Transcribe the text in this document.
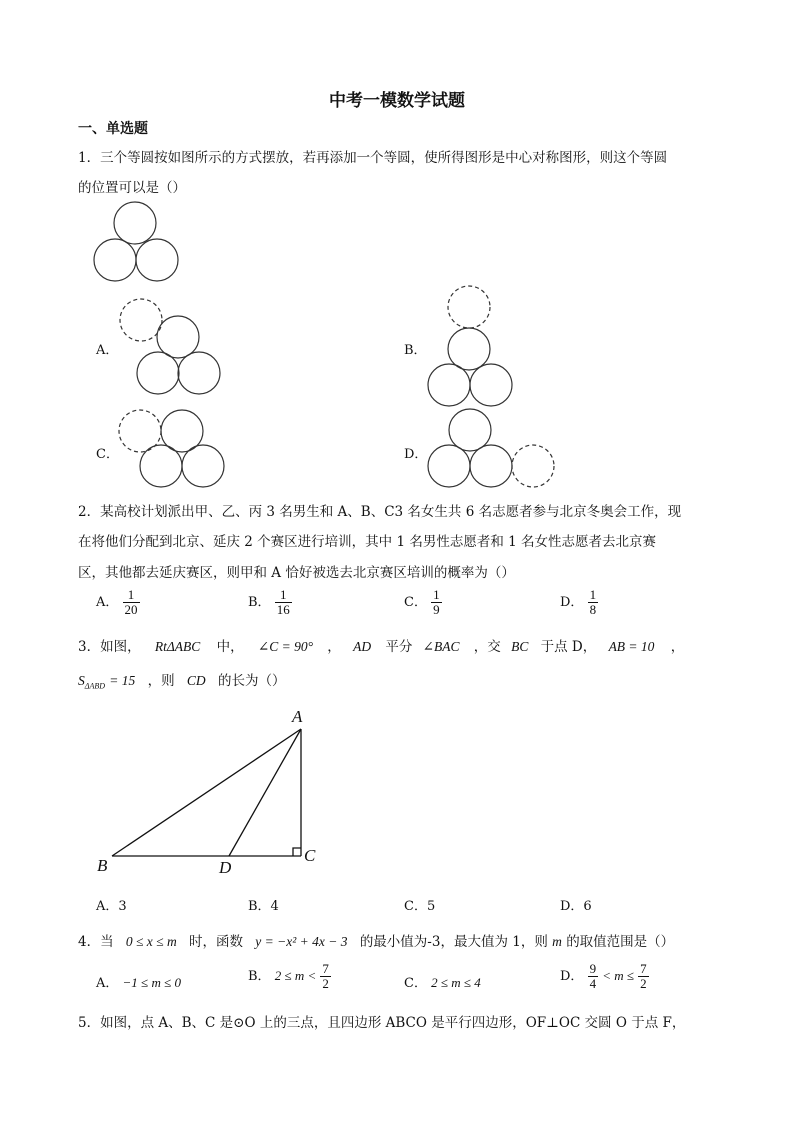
中考一模数学试题
一、单选题
1．三个等圆按如图所示的方式摆放，若再添加一个等圆，使所得图形是中心对称图形，则这个等圆
的位置可以是（）
A．	B．
C．	D．
2．某高校计划派出甲、乙、丙 3 名男生和 A、B、C3 名女生共 6 名志愿者参与北京冬奥会工作，现
在将他们分配到北京、延庆 2 个赛区进行培训，其中 1 名男性志愿者和 1 名女性志愿者去北京赛
区，其他都去延庆赛区，则甲和 A 恰好被选去北京赛区培训的概率为（）
A． $\frac{1}{20}$	B． $\frac{1}{16}$	C． $\frac{1}{9}$	D． $\frac{1}{8}$
3．如图， RtΔABC 中， ∠C = 90° ， AD 平分 ∠BAC ，交 BC 于点 D， AB = 10 ，
$S_{\Delta ABD} = 15$ ，则 CD 的长为（）
A
B
C
D
A．3	B．4	C．5	D．6
4．当 0 ≤ x ≤ m 时，函数 y = −x² + 4x − 3 的最小值为-3，最大值为 1，则 m 的取值范围是（）
A． −1 ≤ m ≤ 0	B． $2 \le m < \frac{7}{2}$	C． 2 ≤ m ≤ 4	D． $\frac{9}{4} < m \le \frac{7}{2}$
5．如图，点 A、B、C 是⊙O 上的三点，且四边形 ABCO 是平行四边形，OF⊥OC 交圆 O 于点 F，
